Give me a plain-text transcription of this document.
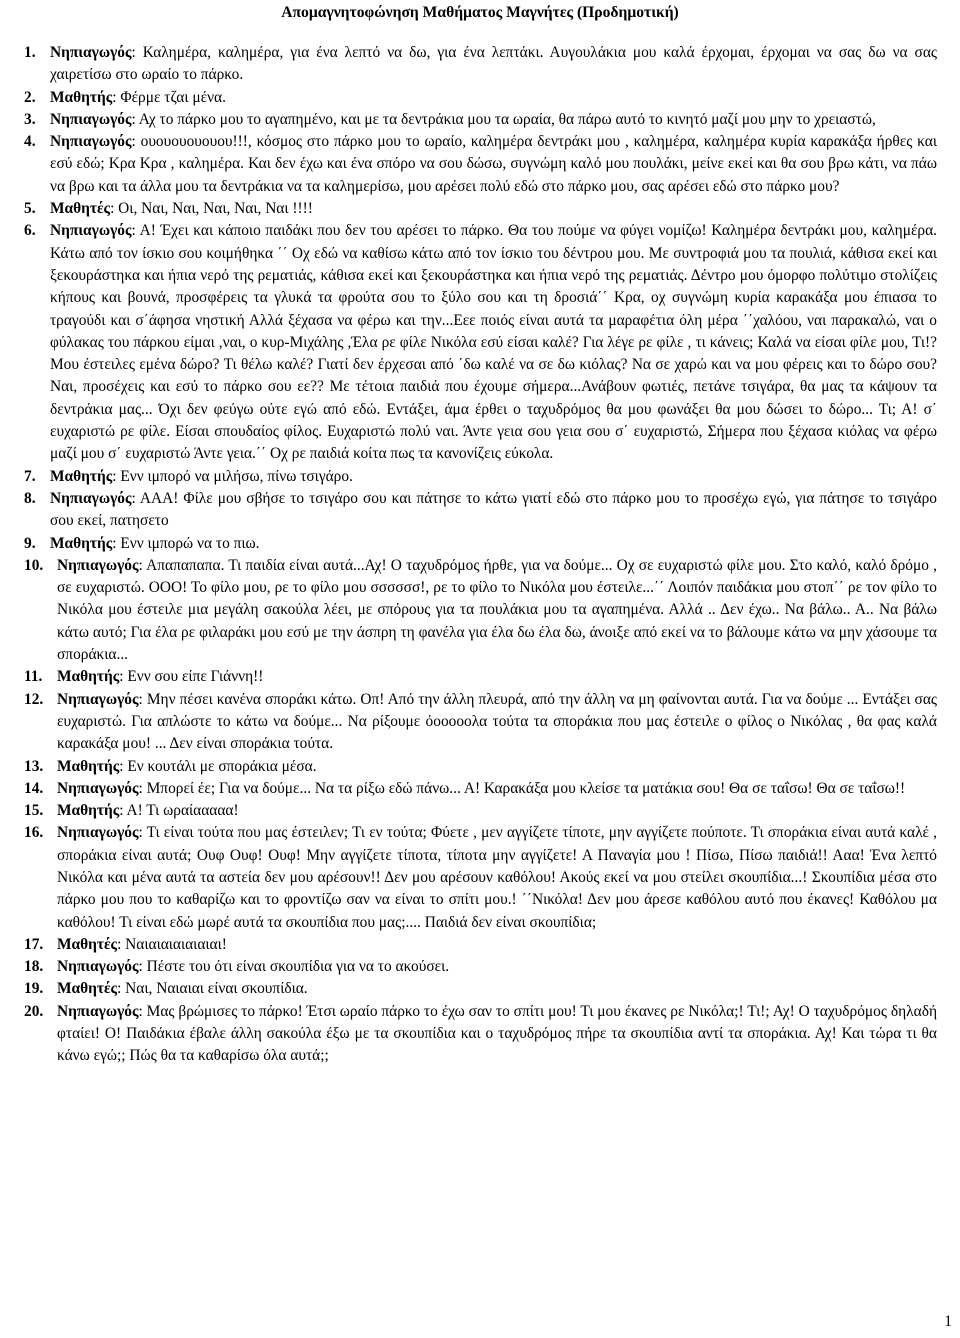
Απομαγνητοφώνηση Μαθήματος Μαγνήτες (Προδημοτική)
1. Νηπιαγωγός: Καλημέρα, καλημέρα, για ένα λεπτό να δω, για ένα λεπτάκι. Αυγουλάκια μου καλά έρχομαι, έρχομαι να σας δω να σας χαιρετίσω στο ωραίο το πάρκο.
2. Μαθητής: Φέρμε τζαι μένα.
3. Νηπιαγωγός: Αχ το πάρκο μου το αγαπημένο, και με τα δεντράκια μου τα ωραία, θα πάρω αυτό το κινητό μαζί μου μην το χρειαστώ,
4. Νηπιαγωγός: ουουουουουου!!!, κόσμος στο πάρκο μου το ωραίο, καλημέρα δεντράκι μου , καλημέρα, καλημέρα κυρία καρακάξα ήρθες και εσύ εδώ; Κρα Κρα , καλημέρα. Και δεν έχω και ένα σπόρο να σου δώσω, συγνώμη καλό μου πουλάκι, μείνε εκεί και θα σου βρω κάτι, να πάω να βρω και τα άλλα μου τα δεντράκια να τα καλημερίσω, μου αρέσει πολύ εδώ στο πάρκο μου, σας αρέσει εδώ στο πάρκο μου?
5. Μαθητές: Οι, Ναι, Ναι, Ναι, Ναι, Ναι !!!!
6. Νηπιαγωγός: Α! Έχει και κάποιο παιδάκι που δεν του αρέσει το πάρκο. Θα του πούμε να φύγει νομίζω! Καλημέρα δεντράκι μου, καλημέρα. Κάτω από τον ίσκιο σου κοιμήθηκα ΄΄ Οχ εδώ να καθίσω κάτω από τον ίσκιο του δέντρου μου. Με συντροφιά μου τα πουλιά, κάθισα εκεί και ξεκουράστηκα και ήπια νερό της ρεματιάς, κάθισα εκεί και ξεκουράστηκα και ήπια νερό της ρεματιάς. Δέντρο μου όμορφο πολύτιμο στολίζεις κήπους και βουνά, προσφέρεις τα γλυκά τα φρούτα σου το ξύλο σου και τη δροσιά΄΄ Κρα, οχ συγνώμη κυρία καρακάξα μου έπιασα το τραγούδι και σ΄άφησα νηστική Αλλά ξέχασα να φέρω και την...Εεε ποιός είναι αυτά τα μαραφέτια όλη μέρα ΄΄χαλόου, ναι παρακαλώ, ναι ο φύλακας του πάρκου είμαι ,ναι, ο κυρ-Μιχάλης ,Έλα ρε φίλε Νικόλα εσύ είσαι καλέ? Για λέγε ρε φίλε , τι κάνεις; Καλά να είσαι φίλε μου, Τι!? Μου έστειλες εμένα δώρο? Τι θέλω καλέ? Γιατί δεν έρχεσαι από ΄δω καλέ να σε δω κιόλας? Να σε χαρώ και να μου φέρεις και το δώρο σου? Ναι, προσέχεις και εσύ το πάρκο σου εε?? Με τέτοια παιδιά που έχουμε σήμερα...Ανάβουν φωτιές, πετάνε τσιγάρα, θα μας τα κάψουν τα δεντράκια μας... Όχι δεν φεύγω ούτε εγώ από εδώ. Εντάξει, άμα έρθει ο ταχυδρόμος θα μου φωνάξει θα μου δώσει το δώρο... Τι; Α! σ΄ ευχαριστώ ρε φίλε. Είσαι σπουδαίος φίλος. Ευχαριστώ πολύ ναι. Άντε γεια σου γεια σου σ΄ ευχαριστώ, Σήμερα που ξέχασα κιόλας να φέρω μαζί μου σ΄ ευχαριστώ Άντε γεια.΄΄ Οχ ρε παιδιά κοίτα πως τα κανονίζεις εύκολα.
7. Μαθητής: Ενν ιμπορό να μιλήσω, πίνω τσιγάρο.
8. Νηπιαγωγός: ΑΑΑ! Φίλε μου σβήσε το τσιγάρο σου και πάτησε το κάτω γιατί εδώ στο πάρκο μου το προσέχω εγώ, για πάτησε το τσιγάρο σου εκεί, πατησετο
9. Μαθητής: Ενν ιμπορώ να το πιω.
10. Νηπιαγωγός: Απαπαπαπα. Τι παιδία είναι αυτά...Αχ! Ο ταχυδρόμος ήρθε, για να δούμε... Οχ σε ευχαριστώ φίλε μου. Στο καλό, καλό δρόμο , σε ευχαριστώ. ΟΟΟ! Το φίλο μου, ρε το φίλο μου σσσσσσ!, ρε το φίλο το Νικόλα μου έστειλε...΄΄ Λοιπόν παιδάκια μου στοπ΄΄ ρε τον φίλο το Νικόλα μου έστειλε μια μεγάλη σακούλα λέει, με σπόρους για τα πουλάκια μου τα αγαπημένα. Αλλά .. Δεν έχω.. Να βάλω.. Α.. Να βάλω κάτω αυτό; Για έλα ρε φιλαράκι μου εσύ με την άσπρη τη φανέλα για έλα δω έλα δω, άνοιξε από εκεί να το βάλουμε κάτω να μην χάσουμε τα σποράκια...
11. Μαθητής: Ενν σου είπε Γιάννη!!
12. Νηπιαγωγός: Μην πέσει κανένα σποράκι κάτω. Οπ! Από την άλλη πλευρά, από την άλλη να μη φαίνονται αυτά. Για να δούμε ... Εντάξει σας ευχαριστώ. Για απλώστε το κάτω να δούμε... Να ρίξουμε όοοοοολα τούτα τα σποράκια που μας έστειλε ο φίλος ο Νικόλας , θα φας καλά καρακάξα μου! ... Δεν είναι σποράκια τούτα.
13. Μαθητής: Εν κουτάλι με σποράκια μέσα.
14. Νηπιαγωγός: Μπορεί έε; Για να δούμε... Να τα ρίξω εδώ πάνω... Α! Καρακάξα μου κλείσε τα ματάκια σου! Θα σε ταΐσω! Θα σε ταΐσω!!
15. Μαθητής: Α! Τι ωραίααααα!
16. Νηπιαγωγός: Τι είναι τούτα που μας έστειλεν; Τι εν τούτα; Φύετε , μεν αγγίζετε τίποτε, μην αγγίζετε πούποτε. Τι σποράκια είναι αυτά καλέ , σποράκια είναι αυτά; Ουφ Ουφ! Ουφ! Μην αγγίζετε τίποτα, τίποτα μην αγγίζετε! Α Παναγία μου ! Πίσω, Πίσω παιδιά!! Ααα! Ένα λεπτό Νικόλα και μένα αυτά τα αστεία δεν μου αρέσουν!! Δεν μου αρέσουν καθόλου! Ακούς εκεί να μου στείλει σκουπίδια...! Σκουπίδια μέσα στο πάρκο μου που το καθαρίζω και το φροντίζω σαν να είναι το σπίτι μου.! ΄΄Νικόλα! Δεν μου άρεσε καθόλου αυτό που έκανες! Καθόλου μα καθόλου! Τι είναι εδώ μωρέ αυτά τα σκουπίδια που μας;.... Παιδιά δεν είναι σκουπίδια;
17. Μαθητές: Ναιαιαιαιαιαιαι!
18. Νηπιαγωγός: Πέστε του ότι είναι σκουπίδια για να το ακούσει.
19. Μαθητές: Ναι, Ναιαιαι είναι σκουπίδια.
20. Νηπιαγωγός: Μας βρώμισες το πάρκο! Έτσι ωραίο πάρκο το έχω σαν το σπίτι μου! Τι μου έκανες ρε Νικόλα;! Τι!; Αχ! Ο ταχυδρόμος δηλαδή φταίει! Ο! Παιδάκια έβαλε άλλη σακούλα έξω με τα σκουπίδια και ο ταχυδρόμος πήρε τα σκουπίδια αντί τα σποράκια. Αχ! Και τώρα τι θα κάνω εγώ;; Πώς θα τα καθαρίσω όλα αυτά;;
1
